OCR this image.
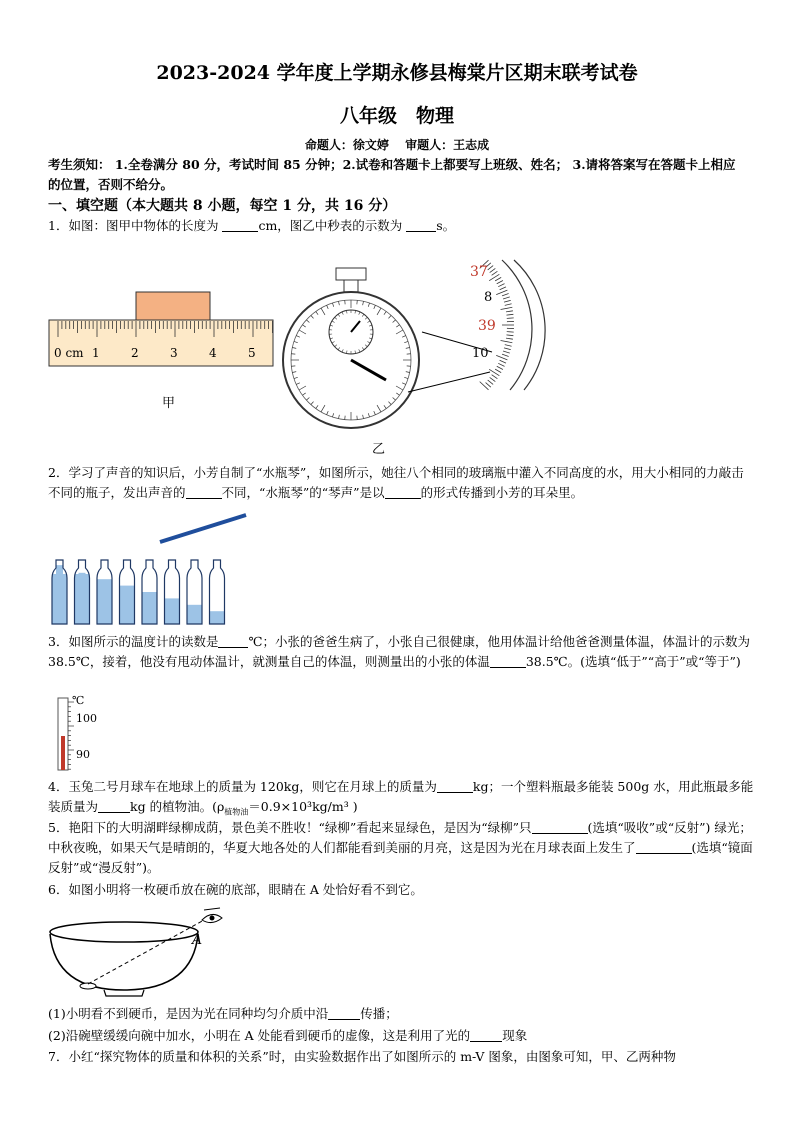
2023-2024 学年度上学期永修县梅棠片区期末联考试卷
八年级　物理
命题人：徐文婷　 审题人：王志成
考生须知： 1.全卷满分 80 分，考试时间 85 分钟；2.试卷和答题卡上都要写上班级、姓名； 3.请将答案写在答题卡上相应的位置，否则不给分。
一、填空题（本大题共 8 小题，每空 1 分，共 16 分）
1．如图：图甲中物体的长度为	cm，图乙中秒表的示数为 s。
0 cm 1	2	3	4	5
甲
37
8
39
10
乙
2．学习了声音的知识后，小芳自制了“水瓶琴”，如图所示，她往八个相同的玻璃瓶中灌入不同高度的水，用大小相同的力敲击不同的瓶子，发出声音的	不同，“水瓶琴”的“琴声”是以	的形式传播到小芳的耳朵里。
3．如图所示的温度计的读数是 ℃；小张的爸爸生病了，小张自己很健康，他用体温计给他爸爸测量体温，体温计的示数为 38.5℃，接着，他没有甩动体温计，就测量自己的体温，则测量出的小张的体温	38.5℃。(选填“低于”“高于”或“等于”)
℃
100
90
4．玉兔二号月球车在地球上的质量为 120kg，则它在月球上的质量为	kg；一个塑料瓶最多能装 500g 水，用此瓶最多能装质量为	kg 的植物油。($\rho_{植物油}=0.9\times 10^3kg/m^3$ )
5．艳阳下的大明湖畔绿柳成荫，景色美不胜收！“绿柳”看起来显绿色，是因为“绿柳”只	(选填“吸收”或“反射”) 绿光；中秋夜晚，如果天气是晴朗的，华夏大地各处的人们都能看到美丽的月亮，这是因为光在月球表面上发生了	(选填“镜面反射”或“漫反射”)。
6．如图小明将一枚硬币放在碗的底部，眼睛在 A 处恰好看不到它。
A
(1)小明看不到硬币，是因为光在同种均匀介质中沿	传播；
(2)沿碗壁缓缓向碗中加水，小明在 A 处能看到硬币的虚像，这是利用了光的	现象
7．小红“探究物体的质量和体积的关系”时，由实验数据作出了如图所示的 m-V 图象，由图象可知，甲、乙两种物
